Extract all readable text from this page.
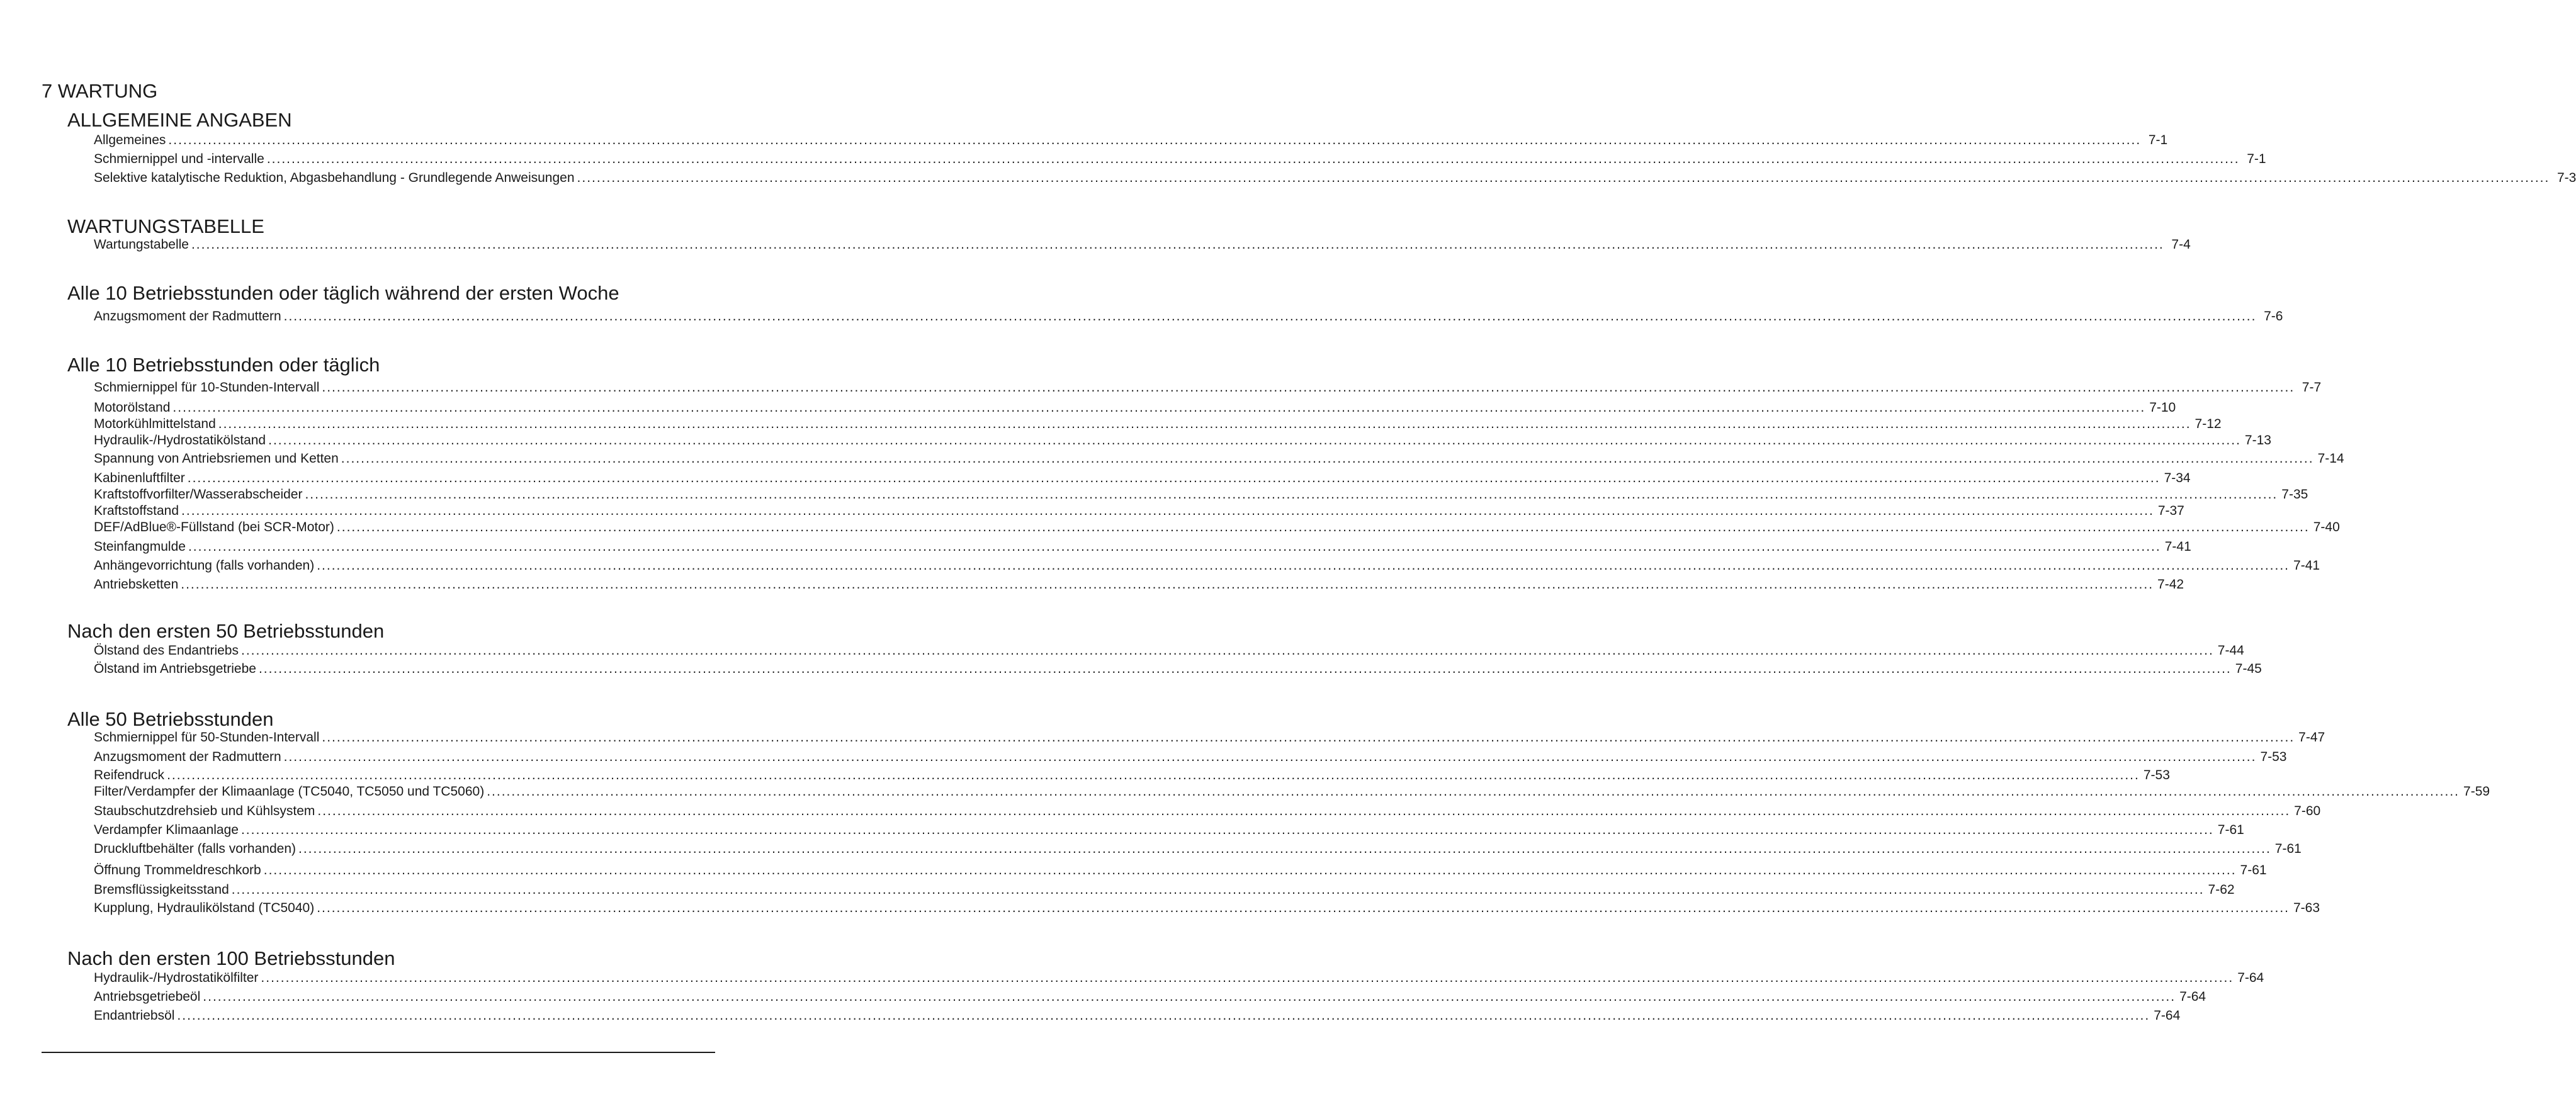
7 WARTUNG
ALLGEMEINE ANGABEN
Allgemeines ................................................................................................................................................................................................................................................................................................................................................................................................................ 7-1
Schmiernippel und -intervalle ................................................................................................................................................................................................................................................................................................................................................................................................................ 7-1
Selektive katalytische Reduktion, Abgasbehandlung - Grundlegende Anweisungen ................................................................................................................................................................................................................................................................................................................................................................................................................ 7-3
WARTUNGSTABELLE
Wartungstabelle ................................................................................................................................................................................................................................................................................................................................................................................................................ 7-4
Alle 10 Betriebsstunden oder täglich während der ersten Woche
Anzugsmoment der Radmuttern ................................................................................................................................................................................................................................................................................................................................................................................................................ 7-6
Alle 10 Betriebsstunden oder täglich
Schmiernippel für 10-Stunden-Intervall ................................................................................................................................................................................................................................................................................................................................................................................................................ 7-7
Motorölstand ................................................................................................................................................................................................................................................................................................................................................................................................................ 7-10
Motorkühlmittelstand ................................................................................................................................................................................................................................................................................................................................................................................................................ 7-12
Hydraulik-/Hydrostatikölstand ................................................................................................................................................................................................................................................................................................................................................................................................................ 7-13
Spannung von Antriebsriemen und Ketten ................................................................................................................................................................................................................................................................................................................................................................................................................ 7-14
Kabinenluftfilter ................................................................................................................................................................................................................................................................................................................................................................................................................ 7-34
Kraftstoffvorfilter/Wasserabscheider ................................................................................................................................................................................................................................................................................................................................................................................................................ 7-35
Kraftstoffstand ................................................................................................................................................................................................................................................................................................................................................................................................................ 7-37
DEF/AdBlue®-Füllstand (bei SCR-Motor) ................................................................................................................................................................................................................................................................................................................................................................................................................ 7-40
Steinfangmulde ................................................................................................................................................................................................................................................................................................................................................................................................................ 7-41
Anhängevorrichtung (falls vorhanden) ................................................................................................................................................................................................................................................................................................................................................................................................................ 7-41
Antriebsketten ................................................................................................................................................................................................................................................................................................................................................................................................................ 7-42
Nach den ersten 50 Betriebsstunden
Ölstand des Endantriebs ................................................................................................................................................................................................................................................................................................................................................................................................................ 7-44
Ölstand im Antriebsgetriebe ................................................................................................................................................................................................................................................................................................................................................................................................................ 7-45
Alle 50 Betriebsstunden
Schmiernippel für 50-Stunden-Intervall ................................................................................................................................................................................................................................................................................................................................................................................................................ 7-47
Anzugsmoment der Radmuttern ................................................................................................................................................................................................................................................................................................................................................................................................................ 7-53
Reifendruck ................................................................................................................................................................................................................................................................................................................................................................................................................ 7-53
Filter/Verdampfer der Klimaanlage (TC5040, TC5050 und TC5060) ................................................................................................................................................................................................................................................................................................................................................................................................................ 7-59
Staubschutzdrehsieb und Kühlsystem ................................................................................................................................................................................................................................................................................................................................................................................................................ 7-60
Verdampfer Klimaanlage ................................................................................................................................................................................................................................................................................................................................................................................................................ 7-61
Druckluftbehälter (falls vorhanden) ................................................................................................................................................................................................................................................................................................................................................................................................................ 7-61
Öffnung Trommeldreschkorb ................................................................................................................................................................................................................................................................................................................................................................................................................ 7-61
Bremsflüssigkeitsstand ................................................................................................................................................................................................................................................................................................................................................................................................................ 7-62
Kupplung, Hydraulikölstand (TC5040) ................................................................................................................................................................................................................................................................................................................................................................................................................ 7-63
Nach den ersten 100 Betriebsstunden
Hydraulik-/Hydrostatikölfilter ................................................................................................................................................................................................................................................................................................................................................................................................................ 7-64
Antriebsgetriebeöl ................................................................................................................................................................................................................................................................................................................................................................................................................ 7-64
Endantriebsöl ................................................................................................................................................................................................................................................................................................................................................................................................................ 7-64
